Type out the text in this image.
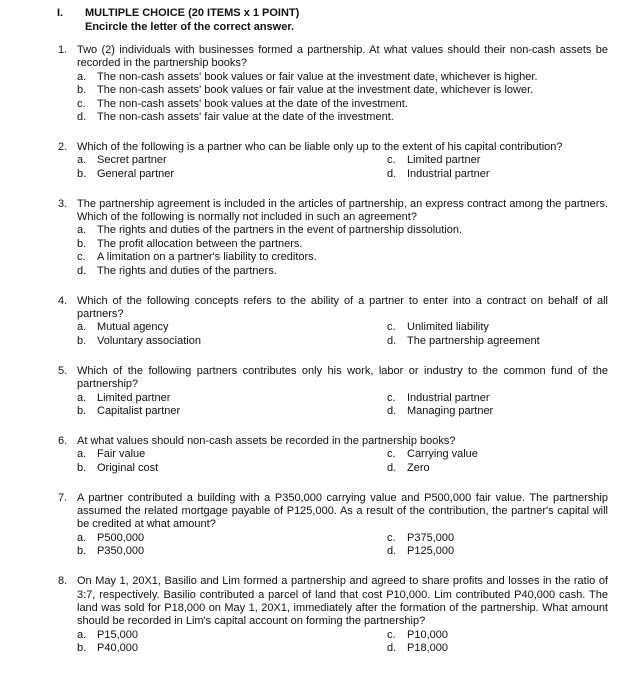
I. MULTIPLE CHOICE (20 ITEMS x 1 POINT)
Encircle the letter of the correct answer.
1. Two (2) individuals with businesses formed a partnership. At what values should their non-cash assets be recorded in the partnership books?
a. The non-cash assets' book values or fair value at the investment date, whichever is higher.
b. The non-cash assets' book values or fair value at the investment date, whichever is lower.
c.	The non-cash assets' book values at the date of the investment.
d. The non-cash assets' fair value at the date of the investment.
2. Which of the following is a partner who can be liable only up to the extent of his capital contribution?
a. Secret partner	c.	Limited partner
b. General partner	d. Industrial partner
3. The partnership agreement is included in the articles of partnership, an express contract among the partners. Which of the following is normally not included in such an agreement?
a. The rights and duties of the partners in the event of partnership dissolution.
b. The profit allocation between the partners.
c.	A limitation on a partner's liability to creditors.
d. The rights and duties of the partners.
4. Which of the following concepts refers to the ability of a partner to enter into a contract on behalf of all partners?
a. Mutual agency	c.	Unlimited liability
b. Voluntary association	d. The partnership agreement
5. Which of the following partners contributes only his work, labor or industry to the common fund of the partnership?
a. Limited partner	c.	Industrial partner
b. Capitalist partner	d. Managing partner
6. At what values should non-cash assets be recorded in the partnership books?
a. Fair value	c.	Carrying value
b. Original cost	d. Zero
7. A partner contributed a building with a P350,000 carrying value and P500,000 fair value. The partnership assumed the related mortgage payable of P125,000. As a result of the contribution, the partner's capital will be credited at what amount?
a. P500,000	c.	P375,000
b. P350,000	d. P125,000
8. On May 1, 20X1, Basilio and Lim formed a partnership and agreed to share profits and losses in the ratio of 3:7, respectively. Basilio contributed a parcel of land that cost P10,000. Lim contributed P40,000 cash. The land was sold for P18,000 on May 1, 20X1, immediately after the formation of the partnership. What amount should be recorded in Lim's capital account on forming the partnership?
a. P15,000	c.	P10,000
b. P40,000	d. P18,000
